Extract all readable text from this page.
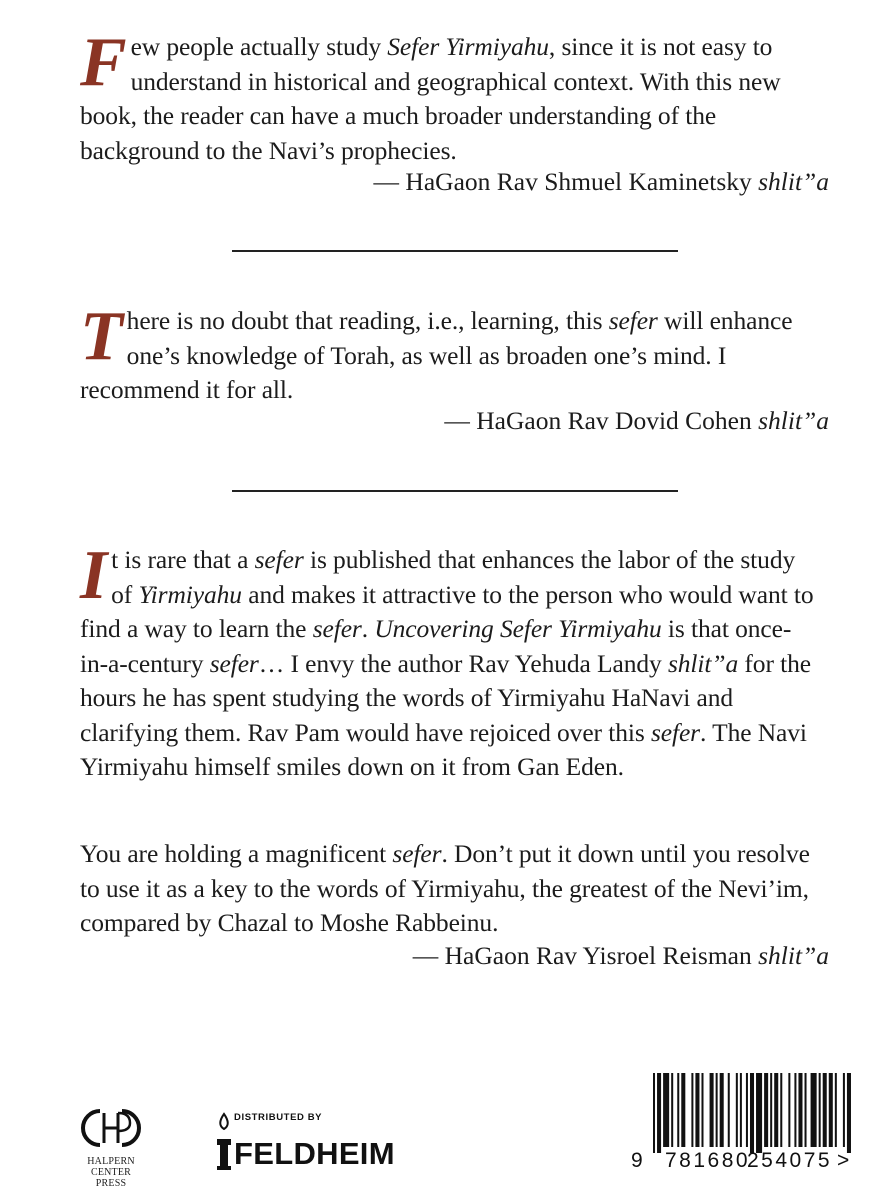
Few people actually study Sefer Yirmiyahu, since it is not easy to understand in historical and geographical context. With this new book, the reader can have a much broader understanding of the background to the Navi’s prophecies.

— HaGaon Rav Shmuel Kaminetsky shlit”a

There is no doubt that reading, i.e., learning, this sefer will enhance one’s knowledge of Torah, as well as broaden one’s mind. I recommend it for all.

— HaGaon Rav Dovid Cohen shlit”a

It is rare that a sefer is published that enhances the labor of the study of Yirmiyahu and makes it attractive to the person who would want to find a way to learn the sefer. Uncovering Sefer Yirmiyahu is that once-in-a-century sefer… I envy the author Rav Yehuda Landy shlit”a for the hours he has spent studying the words of Yirmiyahu HaNavi and clarifying them. Rav Pam would have rejoiced over this sefer. The Navi Yirmiyahu himself smiles down on it from Gan Eden.

You are holding a magnificent sefer. Don’t put it down until you resolve to use it as a key to the words of Yirmiyahu, the greatest of the Nevi’im, compared by Chazal to Moshe Rabbeinu.

— HaGaon Rav Yisroel Reisman shlit”a

HALPERN
CENTER PRESS
DISTRIBUTED BY
FELDHEIM	9 781680
254075 >
